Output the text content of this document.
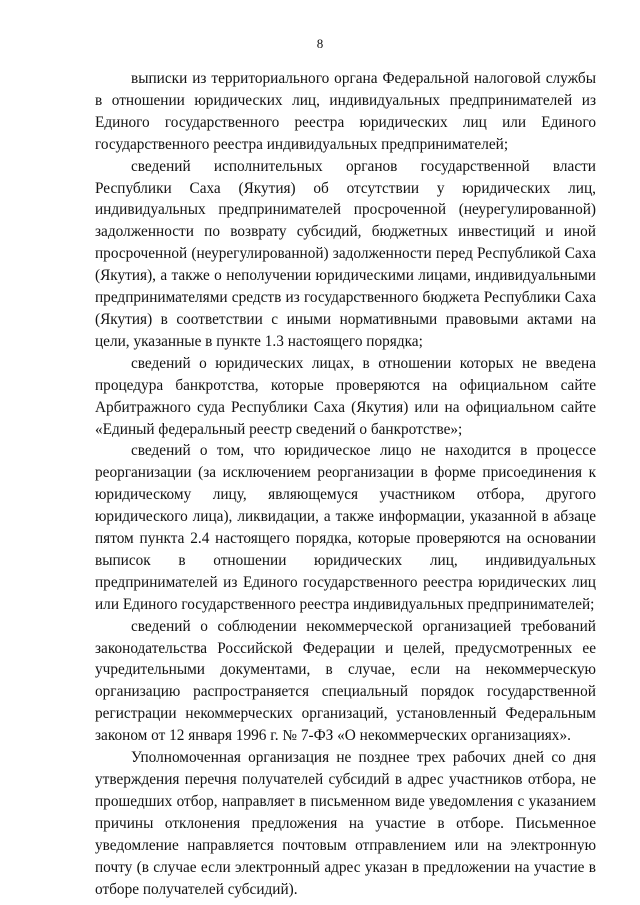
8

выписки из территориального органа Федеральной налоговой службы в отношении юридических лиц, индивидуальных предпринимателей из Единого государственного реестра юридических лиц или Единого государственного реестра индивидуальных предпринимателей;

сведений исполнительных органов государственной власти Республики Саха (Якутия) об отсутствии у юридических лиц, индивидуальных предпринимателей просроченной (неурегулированной) задолженности по возврату субсидий, бюджетных инвестиций и иной просроченной (неурегулированной) задолженности перед Республикой Саха (Якутия), а также о неполучении юридическими лицами, индивидуальными предпринимателями средств из государственного бюджета Республики Саха (Якутия) в соответствии с иными нормативными правовыми актами на цели, указанные в пункте 1.3 настоящего порядка;

сведений о юридических лицах, в отношении которых не введена процедура банкротства, которые проверяются на официальном сайте Арбитражного суда Республики Саха (Якутия) или на официальном сайте «Единый федеральный реестр сведений о банкротстве»;

сведений о том, что юридическое лицо не находится в процессе реорганизации (за исключением реорганизации в форме присоединения к юридическому лицу, являющемуся участником отбора, другого юридического лица), ликвидации, а также информации, указанной в абзаце пятом пункта 2.4 настоящего порядка, которые проверяются на основании выписок в отношении юридических лиц, индивидуальных предпринимателей из Единого государственного реестра юридических лиц или Единого государственного реестра индивидуальных предпринимателей;

сведений о соблюдении некоммерческой организацией требований законодательства Российской Федерации и целей, предусмотренных ее учредительными документами, в случае, если на некоммерческую организацию распространяется специальный порядок государственной регистрации некоммерческих организаций, установленный Федеральным законом от 12 января 1996 г. № 7-ФЗ «О некоммерческих организациях».

Уполномоченная организация не позднее трех рабочих дней со дня утверждения перечня получателей субсидий в адрес участников отбора, не прошедших отбор, направляет в письменном виде уведомления с указанием причины отклонения предложения на участие в отборе. Письменное уведомление направляется почтовым отправлением или на электронную почту (в случае если электронный адрес указан в предложении на участие в отборе получателей субсидий).
